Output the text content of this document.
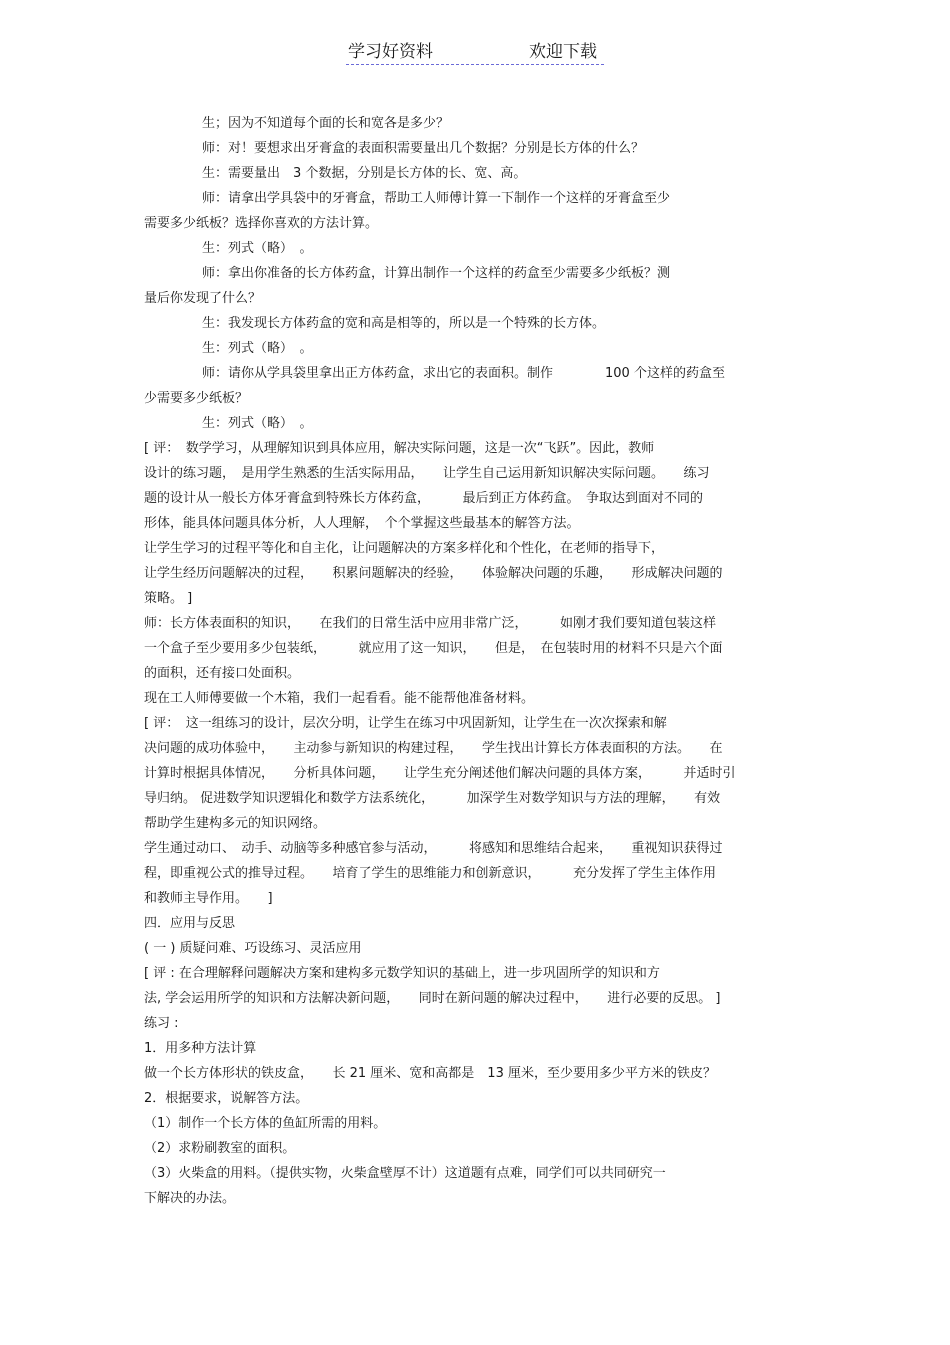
学习好资料	欢迎下载
生；因为不知道每个面的长和宽各是多少？
师：对！要想求出牙膏盒的表面积需要量出几个数据？分别是长方体的什么？
生：需要量出　3 个数据，分别是长方体的长、宽、高。
师：请拿出学具袋中的牙膏盒，帮助工人师傅计算一下制作一个这样的牙膏盒至少
需要多少纸板？选择你喜欢的方法计算。
生：列式（略）　。
师：拿出你准备的长方体药盒，计算出制作一个这样的药盒至少需要多少纸板？测
量后你发现了什么？
生：我发现长方体药盒的宽和高是相等的，所以是一个特殊的长方体。
生：列式（略）　。
师：请你从学具袋里拿出正方体药盒，求出它的表面积。制作　　　　100 个这样的药盒至
少需要多少纸板？
生：列式（略）　。
[ 评：　数学学习，从理解知识到具体应用，解决实际问题，这是一次“飞跃”。因此，教师
设计的练习题，　是用学生熟悉的生活实际用品，　　让学生自己运用新知识解决实际问题。　　练习
题的设计从一般长方体牙膏盒到特殊长方体药盒，　　　最后到正方体药盒。　争取达到面对不同的
形体，能具体问题具体分析，人人理解，　个个掌握这些最基本的解答方法。
让学生学习的过程平等化和自主化，让问题解决的方案多样化和个性化，在老师的指导下，
让学生经历问题解决的过程，　　积累问题解决的经验，　　体验解决问题的乐趣，　　形成解决问题的
策略。 ]
师：长方体表面积的知识，　　在我们的日常生活中应用非常广泛，　　　如刚才我们要知道包装这样
一个盒子至少要用多少包装纸，　　　就应用了这一知识，　　但是，　在包装时用的材料不只是六个面
的面积，还有接口处面积。
现在工人师傅要做一个木箱，我们一起看看。能不能帮他准备材料。
[ 评：　这一组练习的设计，层次分明，让学生在练习中巩固新知，让学生在一次次探索和解
决问题的成功体验中，　　主动参与新知识的构建过程，　　学生找出计算长方体表面积的方法。　　在
计算时根据具体情况，　　分析具体问题，　　让学生充分阐述他们解决问题的具体方案，　　　并适时引
导归纳。 促进数学知识逻辑化和数学方法系统化，　　　加深学生对数学知识与方法的理解，　　有效
帮助学生建构多元的知识网络。
学生通过动口、　动手、动脑等多种感官参与活动，　　　将感知和思维结合起来，　　重视知识获得过
程，即重视公式的推导过程。　　培育了学生的思维能力和创新意识，　　　充分发挥了学生主体作用
和教师主导作用。　　]
四．应用与反思
( 一 ) 质疑问难、巧设练习、灵活应用
[ 评 : 在合理解释问题解决方案和建构多元数学知识的基础上，进一步巩固所学的知识和方
法, 学会运用所学的知识和方法解决新问题，　　同时在新问题的解决过程中，　　进行必要的反思。 ]
练习 :
1．用多种方法计算
做一个长方体形状的铁皮盒，　　长 21 厘米、宽和高都是　13 厘米，至少要用多少平方米的铁皮？
2．根据要求，说解答方法。
（1）制作一个长方体的鱼缸所需的用料。
（2）求粉刷教室的面积。
（3）火柴盒的用料。（提供实物，火柴盒壁厚不计）这道题有点难，同学们可以共同研究一
下解决的办法。
